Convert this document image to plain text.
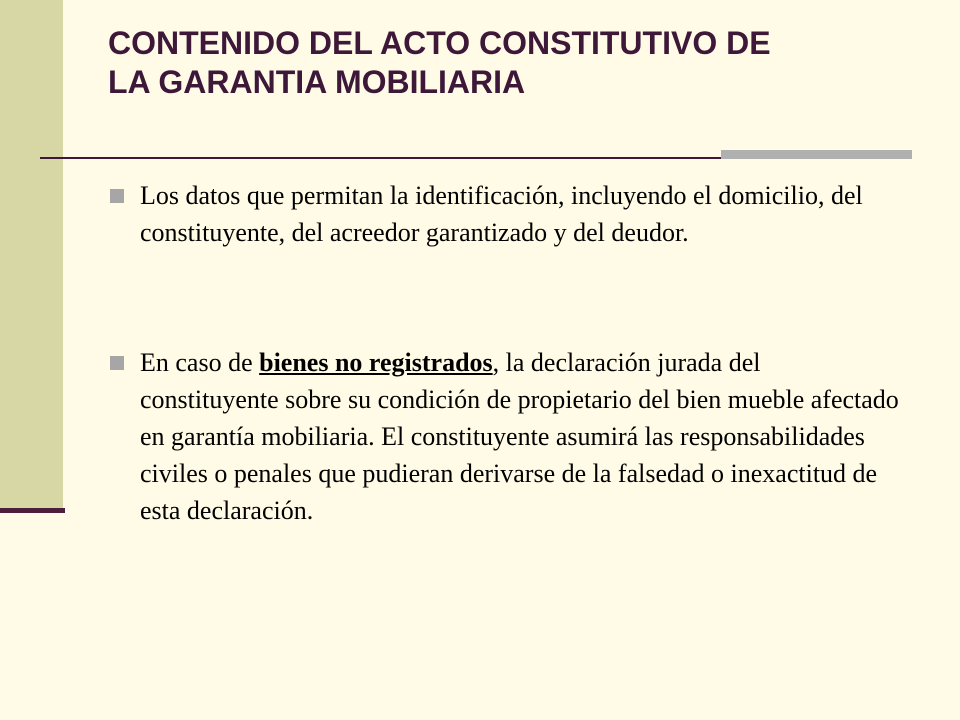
CONTENIDO DEL ACTO CONSTITUTIVO DE
LA GARANTIA MOBILIARIA
Los datos que permitan la identificación, incluyendo el domicilio, del constituyente, del acreedor garantizado y del deudor.
En caso de bienes no registrados, la declaración jurada del constituyente sobre su condición de propietario del bien mueble afectado en garantía mobiliaria. El constituyente asumirá las responsabilidades civiles o penales que pudieran derivarse de la falsedad o inexactitud de esta declaración.
